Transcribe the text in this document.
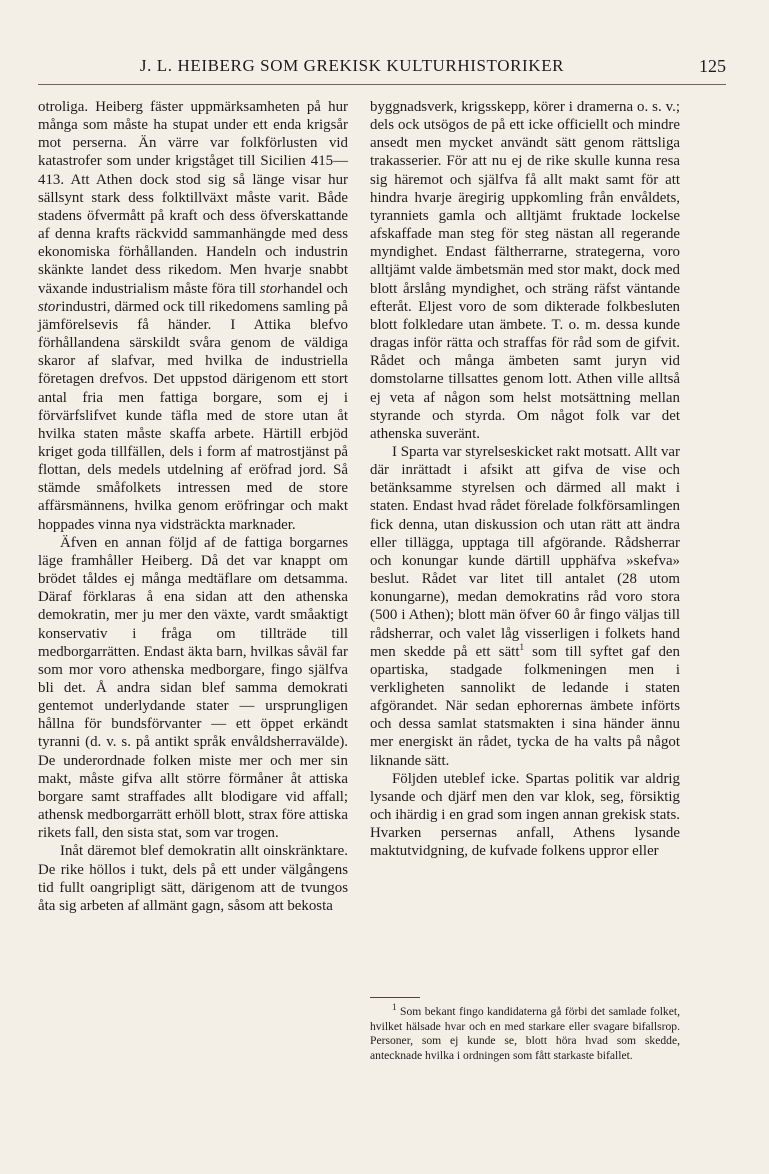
J. L. HEIBERG SOM GREKISK KULTURHISTORIKER	125

otroliga. Heiberg fäster uppmärksamheten på hur många som måste ha stupat under ett enda krigsår mot perserna. Än värre var folkförlusten vid katastrofer som under krigståget till Sicilien 415—413. Att Athen dock stod sig så länge visar hur sällsynt stark dess folktillväxt måste varit. Både stadens öfvermått på kraft och dess öfverskattande af denna krafts räckvidd sammanhängde med dess ekonomiska förhållanden. Handeln och industrin skänkte landet dess rikedom. Men hvarje snabbt växande industrialism måste föra till storhandel och storindustri, därmed ock till rikedomens samling på jämförelsevis få händer. I Attika blefvo förhållandena särskildt svåra genom de väldiga skaror af slafvar, med hvilka de industriella företagen drefvos. Det uppstod därigenom ett stort antal fria men fattiga borgare, som ej i förvärfslifvet kunde täfla med de store utan åt hvilka staten måste skaffa arbete. Härtill erbjöd kriget goda tillfällen, dels i form af matrostjänst på flottan, dels medels utdelning af eröfrad jord. Så stämde småfolkets intressen med de store affärsmännens, hvilka genom eröfringar och makt hoppades vinna nya vidsträckta marknader.

Äfven en annan följd af de fattiga borgarnes läge framhåller Heiberg. Då det var knappt om brödet tåldes ej många medtäflare om detsamma. Däraf förklaras å ena sidan att den athenska demokratin, mer ju mer den växte, vardt småaktigt konservativ i fråga om tillträde till medborgarrätten. Endast äkta barn, hvilkas såväl far som mor voro athenska medborgare, fingo själfva bli det. Å andra sidan blef samma demokrati gentemot underlydande stater — ursprungligen hållna för bundsförvanter — ett öppet erkändt tyranni (d. v. s. på antikt språk envåldsherravälde). De underordnade folken miste mer och mer sin makt, måste gifva allt större förmåner åt attiska borgare samt straffades allt blodigare vid affall; athensk medborgarrätt erhöll blott, strax före attiska rikets fall, den sista stat, som var trogen.

Inåt däremot blef demokratin allt oinskränktare. De rike höllos i tukt, dels på ett under välgångens tid fullt oangripligt sätt, därigenom att de tvungos åta sig arbeten af allmänt gagn, såsom att bekosta

byggnadsverk, krigsskepp, körer i dramerna o. s. v.; dels ock utsögos de på ett icke officiellt och mindre ansedt men mycket användt sätt genom rättsliga trakasserier. För att nu ej de rike skulle kunna resa sig häremot och själfva få allt makt samt för att hindra hvarje äregirig uppkomling från envåldets, tyranniets gamla och alltjämt fruktade lockelse afskaffade man steg för steg nästan all regerande myndighet. Endast fältherrarne, strategerna, voro alltjämt valde ämbetsmän med stor makt, dock med blott årslång myndighet, och sträng räfst väntande efteråt. Eljest voro de som dikterade folkbesluten blott folkledare utan ämbete. T. o. m. dessa kunde dragas inför rätta och straffas för råd som de gifvit. Rådet och många ämbeten samt juryn vid domstolarne tillsattes genom lott. Athen ville alltså ej veta af någon som helst motsättning mellan styrande och styrda. Om något folk var det athenska suveränt.

I Sparta var styrelseskicket rakt motsatt. Allt var där inrättadt i afsikt att gifva de vise och betänksamme styrelsen och därmed all makt i staten. Endast hvad rådet förelade folkförsamlingen fick denna, utan diskussion och utan rätt att ändra eller tillägga, upptaga till afgörande. Rådsherrar och konungar kunde därtill upphäfva »skefva» beslut. Rådet var litet till antalet (28 utom konungarne), medan demokratins råd voro stora (500 i Athen); blott män öfver 60 år fingo väljas till rådsherrar, och valet låg visserligen i folkets hand men skedde på ett sätt$^1$ som till syftet gaf den opartiska, stadgade folkmeningen men i verkligheten sannolikt de ledande i staten afgörandet. När sedan ephorernas ämbete införts och dessa samlat statsmakten i sina händer ännu mer energiskt än rådet, tycka de ha valts på något liknande sätt.

Följden uteblef icke. Spartas politik var aldrig lysande och djärf men den var klok, seg, försiktig och ihärdig i en grad som ingen annan grekisk stats. Hvarken persernas anfall, Athens lysande maktutvidgning, de kufvade folkens uppror eller

$^1$ Som bekant fingo kandidaterna gå förbi det samlade folket, hvilket hälsade hvar och en med starkare eller svagare bifallsrop. Personer, som ej kunde se, blott höra hvad som skedde, antecknade hvilka i ordningen som fått starkaste bifallet.
